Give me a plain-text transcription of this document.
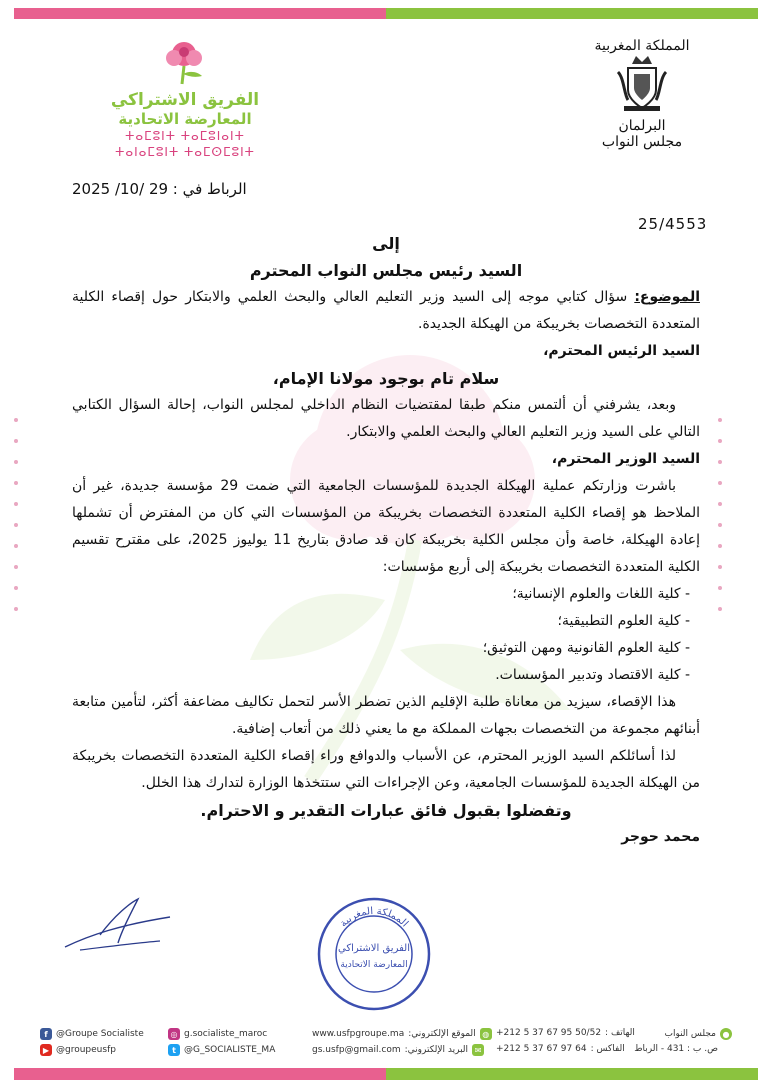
المملكة المغربية
البرلمان
مجلس النواب
الفريق الاشتراكي
المعارضة الاتحادية
ⵜⴰⵎⵓⵏⵜ ⵜⴰⵎⵓⵏⴰⵏⵜ
ⵜⴰⵏⴰⵎⵓⵏⵜ ⵜⴰⵎⵙⵎⵓⵏⵜ
الرباط في : 29 /10/ 2025
25/4553
إلى
السيد رئيس مجلس النواب المحترم
الموضوع: سؤال كتابي موجه إلى السيد وزير التعليم العالي والبحث العلمي والابتكار حول إقصاء الكلية المتعددة التخصصات بخريبكة من الهيكلة الجديدة.
السيد الرئيس المحترم،
سلام تام بوجود مولانا الإمام،
وبعد، يشرفني أن ألتمس منكم طبقا لمقتضيات النظام الداخلي لمجلس النواب، إحالة السؤال الكتابي التالي على السيد وزير التعليم العالي والبحث العلمي والابتكار.
السيد الوزير المحترم،
باشرت وزارتكم عملية الهيكلة الجديدة للمؤسسات الجامعية التي ضمت 29 مؤسسة جديدة، غير أن الملاحظ هو إقصاء الكلية المتعددة التخصصات بخريبكة من المؤسسات التي كان من المفترض أن تشملها إعادة الهيكلة، خاصة وأن مجلس الكلية بخريبكة كان قد صادق بتاريخ 11 يوليوز 2025، على مقترح تقسيم الكلية المتعددة التخصصات بخريبكة إلى أربع مؤسسات:
- كلية اللغات والعلوم الإنسانية؛
- كلية العلوم التطبيقية؛
- كلية العلوم القانونية ومهن التوثيق؛
- كلية الاقتصاد وتدبير المؤسسات.
هذا الإقصاء، سيزيد من معاناة طلبة الإقليم الذين تضطر الأسر لتحمل تكاليف مضاعفة أكثر، لتأمين متابعة أبنائهم مجموعة من التخصصات بجهات المملكة مع ما يعني ذلك من أتعاب إضافية.
لذا أسائلكم السيد الوزير المحترم، عن الأسباب والدوافع وراء إقصاء الكلية المتعددة التخصصات بخريبكة من الهيكلة الجديدة للمؤسسات الجامعية، وعن الإجراءات التي ستتخذها الوزارة لتدارك هذا الخلل.
وتفضلوا بقبول فائق عبارات التقدير و الاحترام.
محمد حوجر
المملكة المغربية
الفريق الاشتراكي
المعارضة الاتحادية
f @Groupe Socialiste
▶ @groupeusfp
◎ g.socialiste_maroc
t @G_SOCIALISTE_MA
www.usfpgroupe.ma الموقع الإلكتروني: ◍
gs.usfp@gmail.com البريد الإلكتروني: ✉
+212 5 37 67 95 50/52 الهاتف :
+212 5 37 67 97 64 الفاكس :
●
مجلس النواب
ص. ب : 431 - الرباط
